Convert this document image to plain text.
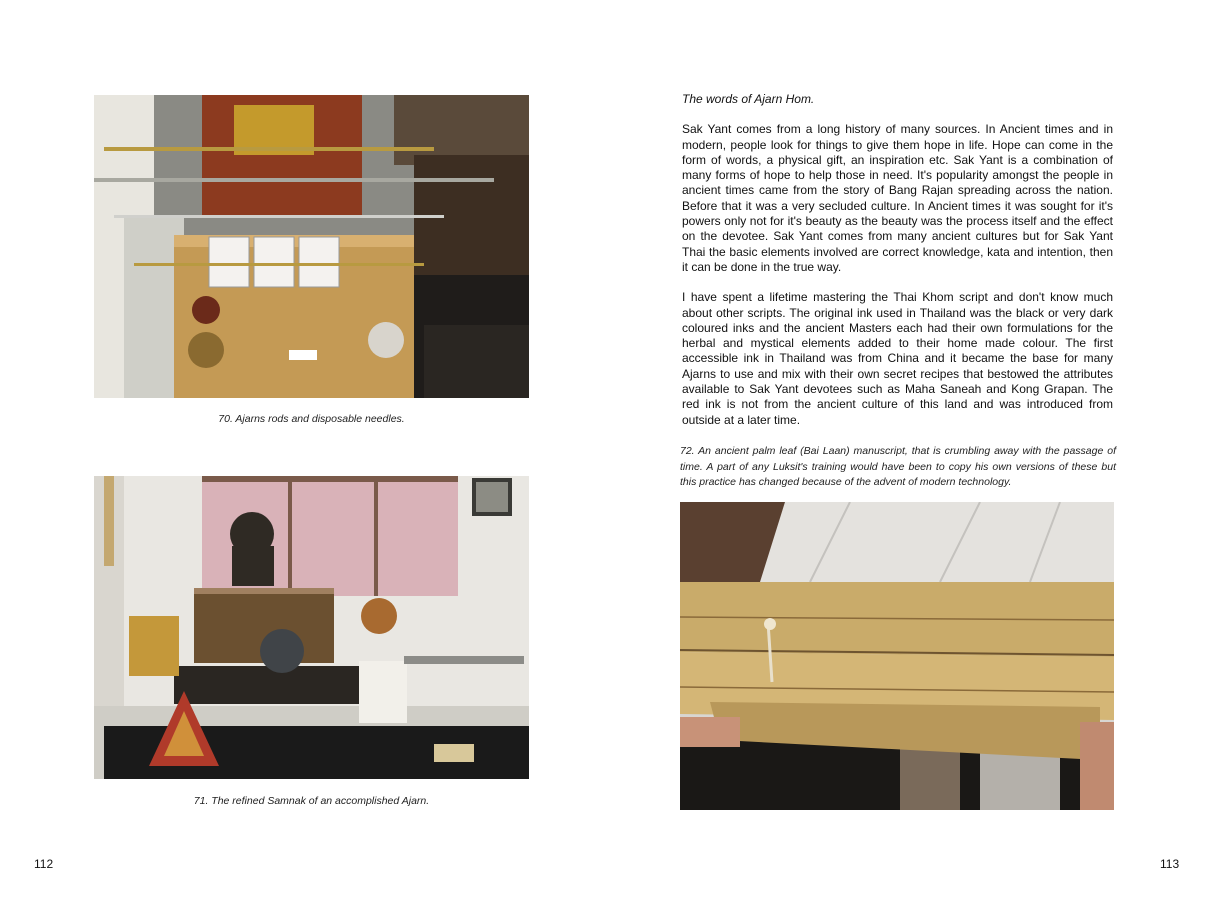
70. Ajarns rods and disposable needles.
71. The refined Samnak of an accomplished Ajarn.
112

The words of Ajarn Hom.

Sak Yant comes from a long history of many sources. In Ancient times and in modern, people look for things to give them hope in life. Hope can come in the form of words, a physical gift, an inspiration etc. Sak Yant is a combination of many forms of hope to help those in need. It's popularity amongst the people in ancient times came from the story of Bang Rajan spreading across the nation. Before that it was a very secluded culture. In Ancient times it was sought for it's powers only not for it's beauty as the beauty was the process itself and the effect on the devotee. Sak Yant comes from many ancient cultures but for Sak Yant Thai the basic elements involved are correct knowledge, kata and intention, then it can be done in the true way.

I have spent a lifetime mastering the Thai Khom script and don't know much about other scripts. The original ink used in Thailand was the black or very dark coloured inks and the ancient Masters each had their own formulations for the herbal and mystical elements added to their home made colour. The first accessible ink in Thailand was from China and it became the base for many Ajarns to use and mix with their own secret recipes that bestowed the attributes available to Sak Yant devotees such as Maha Saneah and Kong Grapan. The red ink is not from the ancient culture of this land and was introduced from outside at a later time.

72. An ancient palm leaf (Bai Laan) manuscript, that is crumbling away with the passage of time. A part of any Luksit's training would have been to copy his own versions of these but this practice has changed because of the advent of modern technology.
113
